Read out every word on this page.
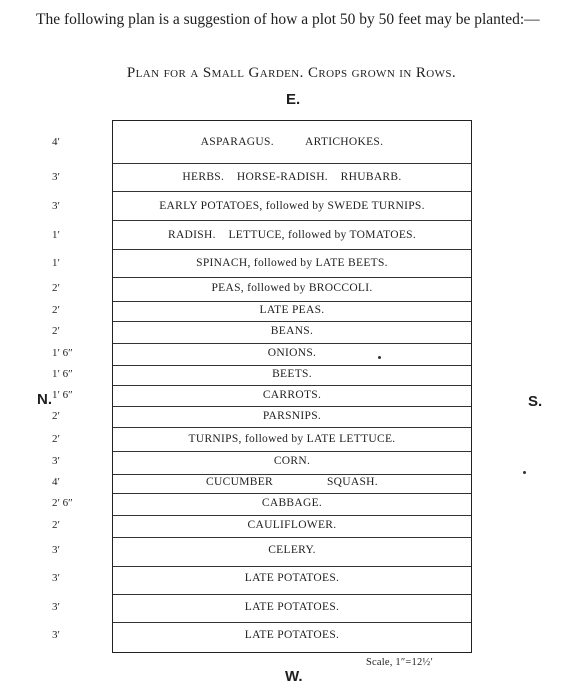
The following plan is a suggestion of how a plot 50 by 50 feet may be planted:—
Plan for a Small Garden. Crops grown in Rows.
E.
N.	S.
W.
4′	ASPARAGUS.          ARTICHOKES.
3′	HERBS.    HORSE-RADISH.    RHUBARB.
3′	EARLY POTATOES, followed by SWEDE TURNIPS.
1′	RADISH.    LETTUCE, followed by TOMATOES.
1′	SPINACH, followed by LATE BEETS.
2′	PEAS, followed by BROCCOLI.
2′	LATE PEAS.
2′	BEANS.
1′ 6″	ONIONS.
1′ 6″	BEETS.
1′ 6″	CARROTS.
2′	PARSNIPS.
2′	TURNIPS, followed by LATE LETTUCE.
3′	CORN.
4′	CUCUMBER                 SQUASH.
2′ 6″	CABBAGE.
2′	CAULIFLOWER.
3′	CELERY.
3′	LATE POTATOES.
3′	LATE POTATOES.
3′	LATE POTATOES.
Scale, 1″=12½′
